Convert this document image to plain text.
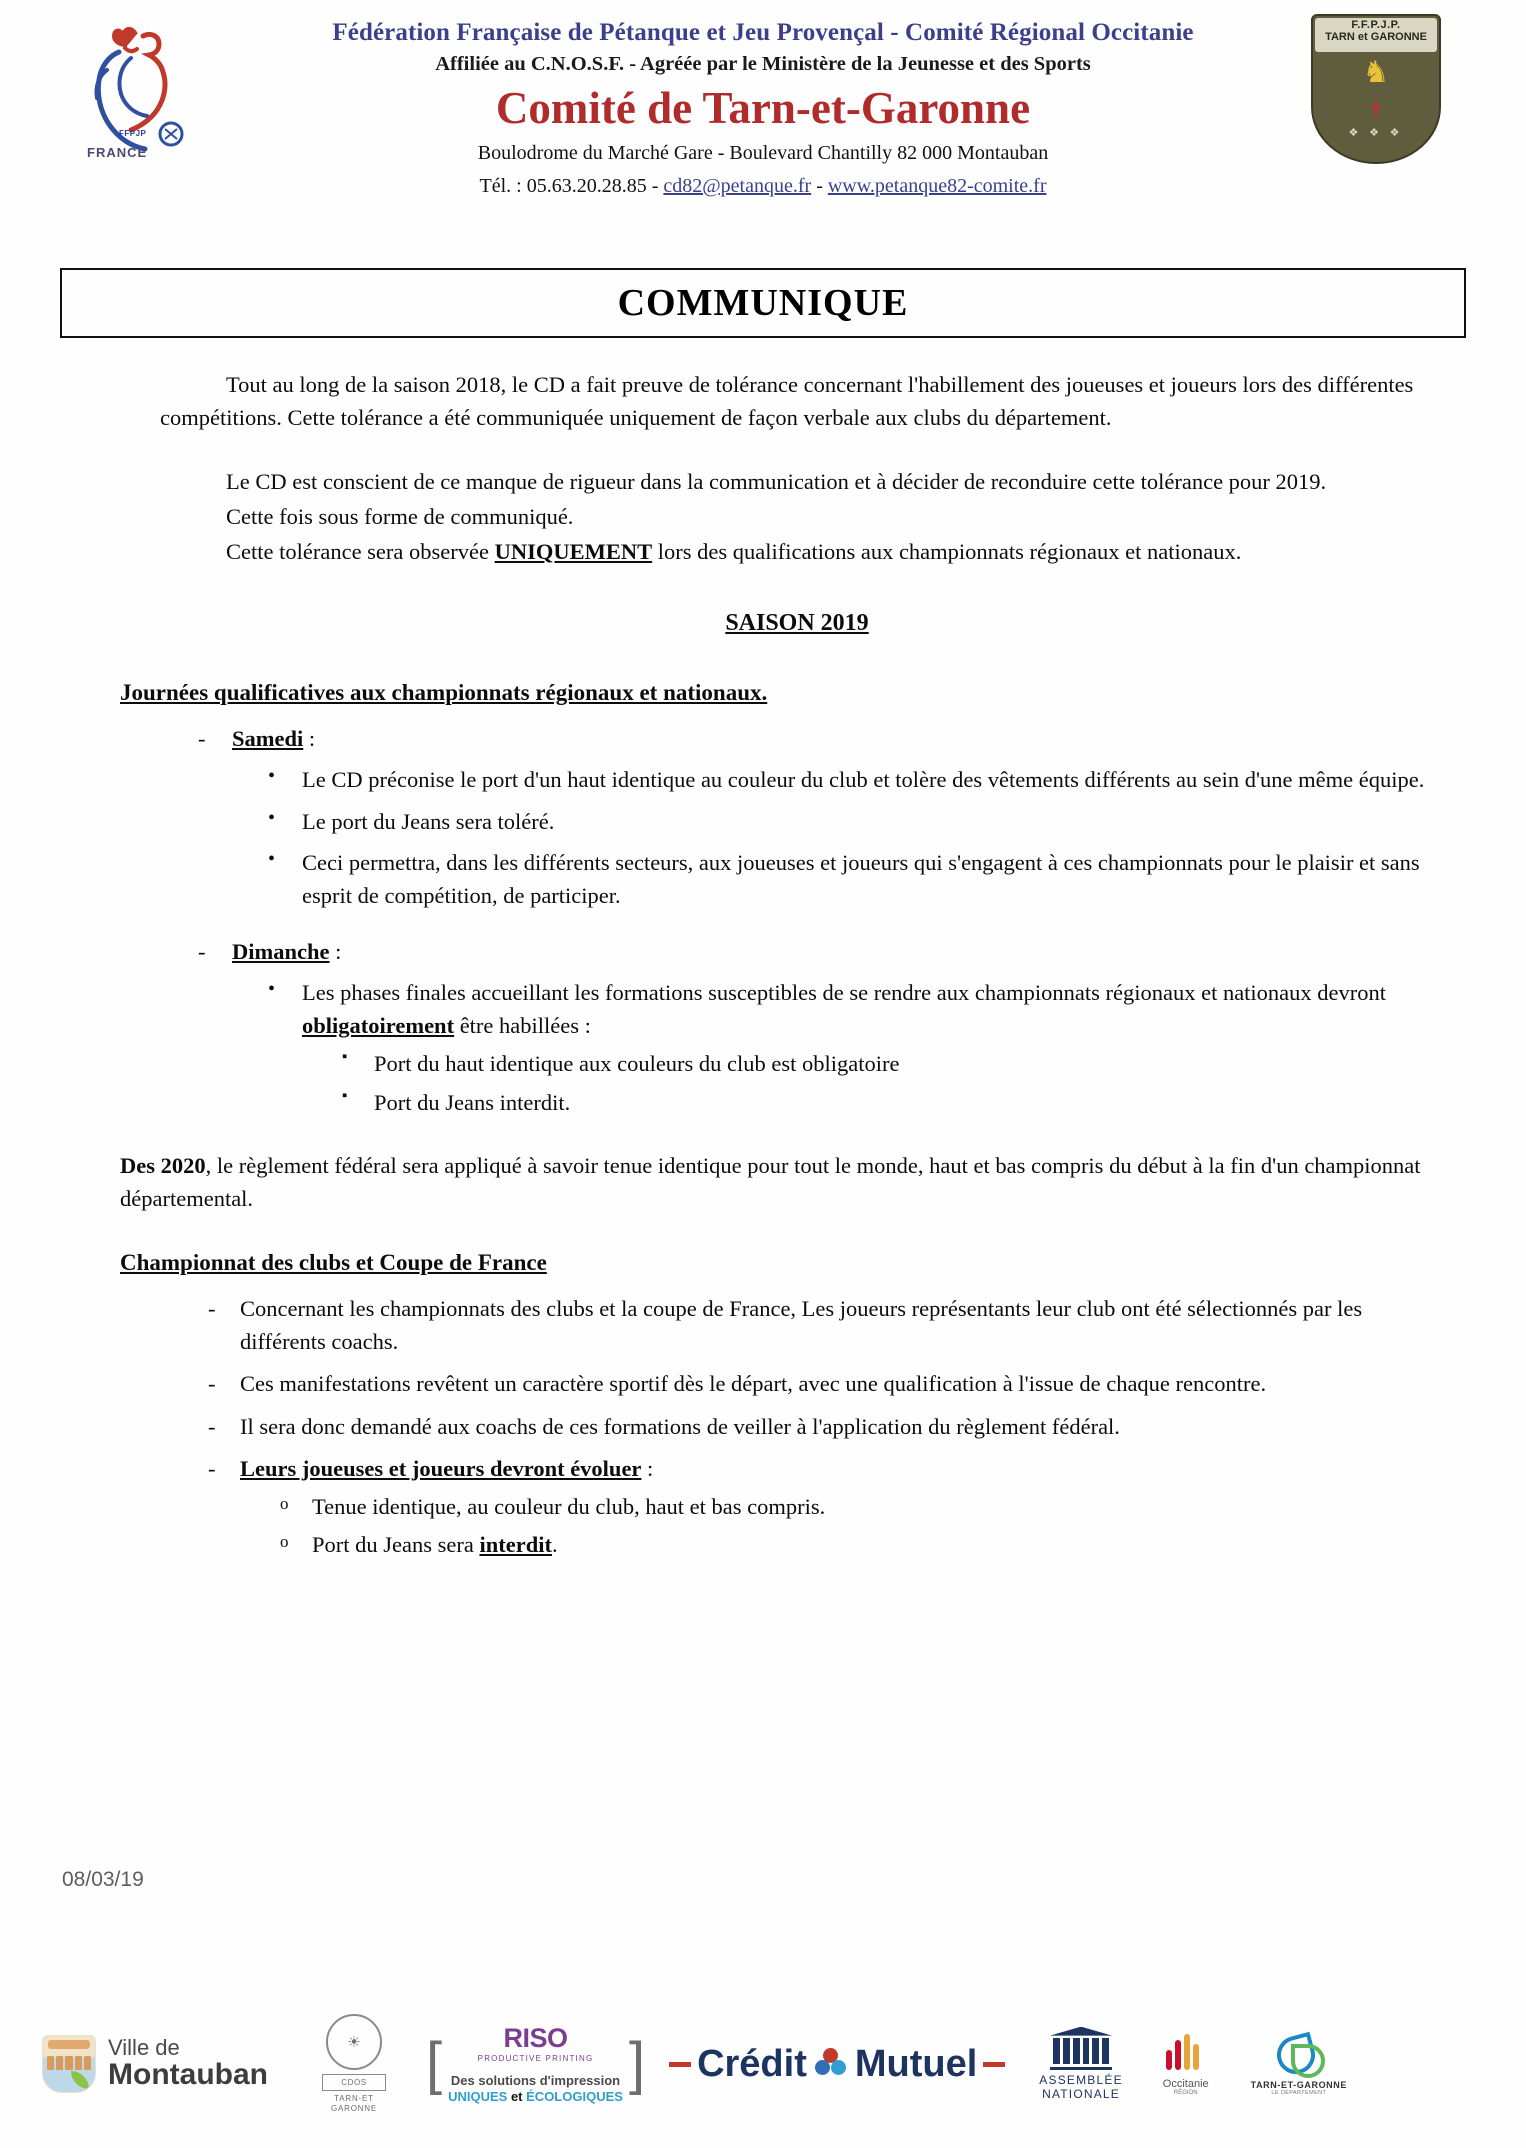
FFPJP
FRANCE
Fédération Française de Pétanque et Jeu Provençal - Comité Régional Occitanie
Affiliée au C.N.O.S.F. - Agréée par le Ministère de la Jeunesse et des Sports
Comité de Tarn-et-Garonne
Boulodrome du Marché Gare - Boulevard Chantilly 82 000 Montauban
Tél. : 05.63.20.28.85 - cd82@petanque.fr - www.petanque82-comite.fr
F.F.P.J.P.
TARN et GARONNE
♞
✝
❖ ❖ ❖
COMMUNIQUE

Tout au long de la saison 2018, le CD a fait preuve de tolérance concernant l'habillement des joueuses et joueurs lors des différentes compétitions. Cette tolérance a été communiquée uniquement de façon verbale aux clubs du département.

Le CD est conscient de ce manque de rigueur dans la communication et à décider de reconduire cette tolérance pour 2019.

Cette fois sous forme de communiqué.

Cette tolérance sera observée UNIQUEMENT lors des qualifications aux championnats régionaux et nationaux.

SAISON 2019
Journées qualificatives aux championnats régionaux et nationaux.
- Samedi :
• Le CD préconise le port d'un haut identique au couleur du club et tolère des vêtements différents au sein d'une même équipe.
• Le port du Jeans sera toléré.
• Ceci permettra, dans les différents secteurs, aux joueuses et joueurs qui s'engagent à ces championnats pour le plaisir et sans esprit de compétition, de participer.
- Dimanche :
• Les phases finales accueillant les formations susceptibles de se rendre aux championnats régionaux et nationaux devront obligatoirement être habillées :
▪ Port du haut identique aux couleurs du club est obligatoire
▪ Port du Jeans interdit.

Des 2020, le règlement fédéral sera appliqué à savoir tenue identique pour tout le monde, haut et bas compris du début à la fin d'un championnat départemental.

Championnat des clubs et Coupe de France
- Concernant les championnats des clubs et la coupe de France, Les joueurs représentants leur club ont été sélectionnés par les différents coachs.
- Ces manifestations revêtent un caractère sportif dès le départ, avec une qualification à l'issue de chaque rencontre.
- Il sera donc demandé aux coachs de ces formations de veiller à l'application du règlement fédéral.
- Leurs joueuses et joueurs devront évoluer :
o Tenue identique, au couleur du club, haut et bas compris.
o Port du Jeans sera interdit.
08/03/19
Ville de
Montauban
☀
CDOS
TARN-ET
GARONNE
[	RISO
PRODUCTIVE PRINTING
Des solutions d'impression
UNIQUES et ÉCOLOGIQUES
] Crédit Mutuel	ASSEMBLÉE
NATIONALE
Occitanie
RÉGION
TARN-ET-GARONNE
LE DÉPARTEMENT
